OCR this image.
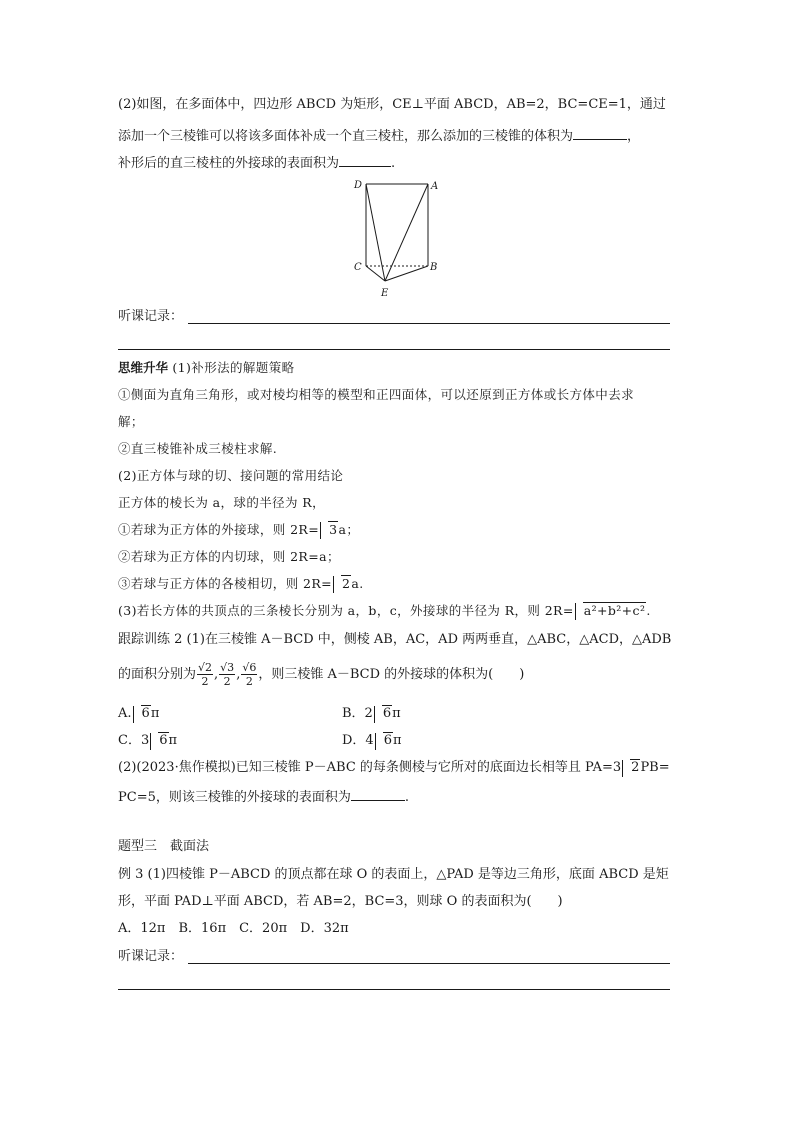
(2)如图，在多面体中，四边形 ABCD 为矩形，CE⊥平面 ABCD，AB=2，BC=CE=1，通过
添加一个三棱锥可以将该多面体补成一个直三棱柱，那么添加的三棱锥的体积为	，
补形后的直三棱柱的外接球的表面积为	.
D	A
C	B
E
听课记录：
思维升华 (1)补形法的解题策略
①侧面为直角三角形，或对棱均相等的模型和正四面体，可以还原到正方体或长方体中去求
解；
②直三棱锥补成三棱柱求解.
(2)正方体与球的切、接问题的常用结论
正方体的棱长为 a，球的半径为 R，
①若球为正方体的外接球，则 2R= 3a；
②若球为正方体的内切球，则 2R=a；
③若球与正方体的各棱相切，则 2R= 2a.
(3)若长方体的共顶点的三条棱长分别为 a，b，c，外接球的半径为 R，则 2R= a²+b²+c².
跟踪训练 2 (1)在三棱锥 A－BCD 中，侧棱 AB，AC，AD 两两垂直，△ABC，△ACD，△ADB
的面积分别为 $\frac{√2}{2}$ , $\frac{√3}{2}$ , $\frac{√6}{2}$ ，则三棱锥 A－BCD 的外接球的体积为(　　)
A. 6π	B．2 6π
C．3 6π	D．4 6π
(2)(2023·焦作模拟)已知三棱锥 P－ABC 的每条侧棱与它所对的底面边长相等且 PA=3 2PB=
PC=5，则该三棱锥的外接球的表面积为	.
题型三　截面法
例 3 (1)四棱锥 P－ABCD 的顶点都在球 O 的表面上，△PAD 是等边三角形，底面 ABCD 是矩
形，平面 PAD⊥平面 ABCD，若 AB=2，BC=3，则球 O 的表面积为(　　)
A．12π　B．16π　C．20π　D．32π
听课记录：
